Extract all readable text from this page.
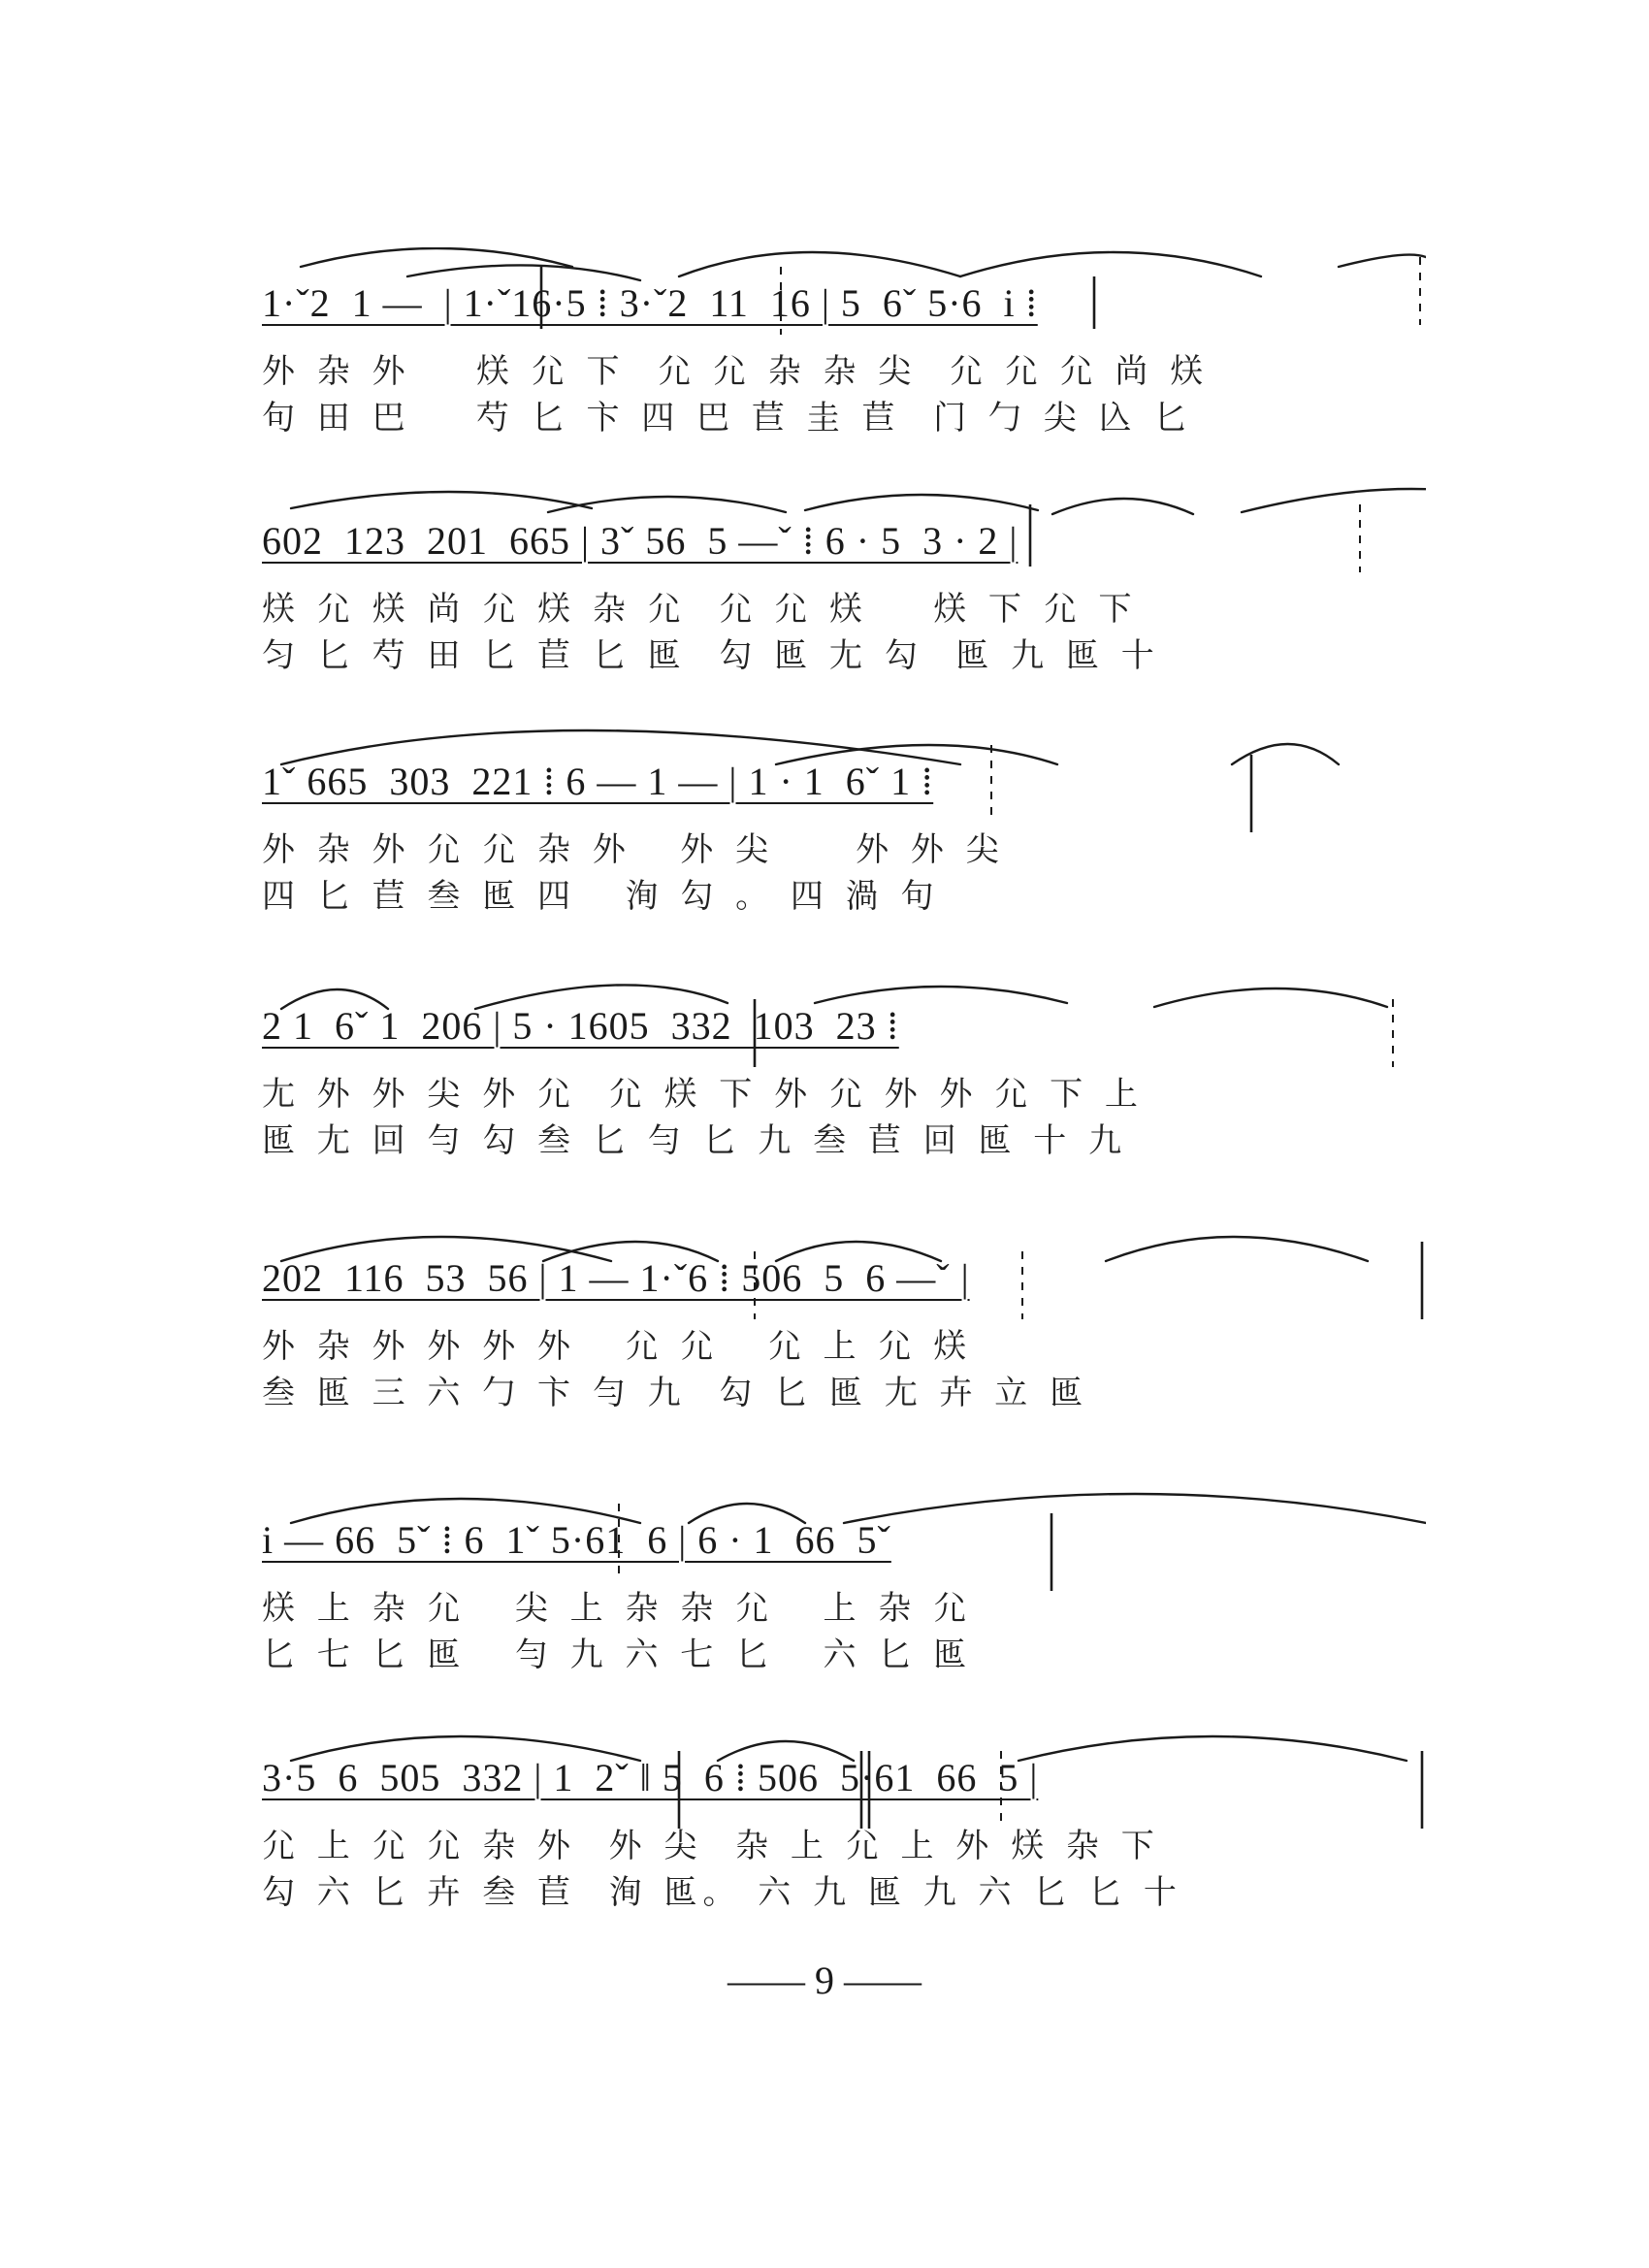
1·ˇ2  1 —  | 1·ˇ16·5 ⁞ 3·ˇ2  11  16 | 5  6ˇ 5·6  i ⁞
外 杂 外    烪 尣 下  尣 尣 杂 杂 尖  尣 尣 尣 尚 烪
句 田 巴    芍 匕 卞 四 巴 苣 圭 苣  门 勹 尖 兦 匕
602  123  201  665 | 3ˇ 56  5 —ˇ ⁞ 6 · 5  3 · 2 |
烪 尣 烪 尚 尣 烪 杂 尣  尣 尣 烪    烪 下 尣 下
匀 匕 芍 田 匕 苣 匕 匜  勾 匜 尢 勾  匜 九 匜 十
1ˇ 665  303  221 ⁞ 6 — 1 — | 1 · 1  6ˇ 1 ⁞
外 杂 外 尣 尣 杂 外   外 尖     外 外 尖
四 匕 苣 叁 匜 四   洵 勾 。 四 渦 句
2 1  6ˇ 1  206 | 5 · 1605  332  103  23 ⁞
尢 外 外 尖 外 尣  尣 烪 下 外 尣 外 外 尣 下 上
匜 尢 回 勻 勾 叁 匕 勻 匕 九 叁 苣 回 匜 十 九
202  116  53  56 | 1 — 1·ˇ6 ⁞ 506  5  6 —ˇ |
外 杂 外 外 外 外   尣 尣   尣 上 尣 烪
叁 匜 三 六 勹 卞 勻 九  勾 匕 匜 尢 卉 立 匜
i — 66  5ˇ ⁞ 6  1ˇ 5·61  6 | 6 · 1  66  5ˇ
烪 上 杂 尣   尖 上 杂 杂 尣   上 杂 尣
匕 七 匕 匜   勻 九 六 七 匕   六 匕 匜
3·5  6  505  332 | 1  2ˇ ‖ 5  6 ⁞ 506  5·61  66  5 |
尣 上 尣 尣 杂 外  外 尖  杂 上 尣 上 外 烪 杂 下
勾 六 匕 卉 叁 苣  洵 匜。 六 九 匜 九 六 匕 匕 十
—— 9 ——
